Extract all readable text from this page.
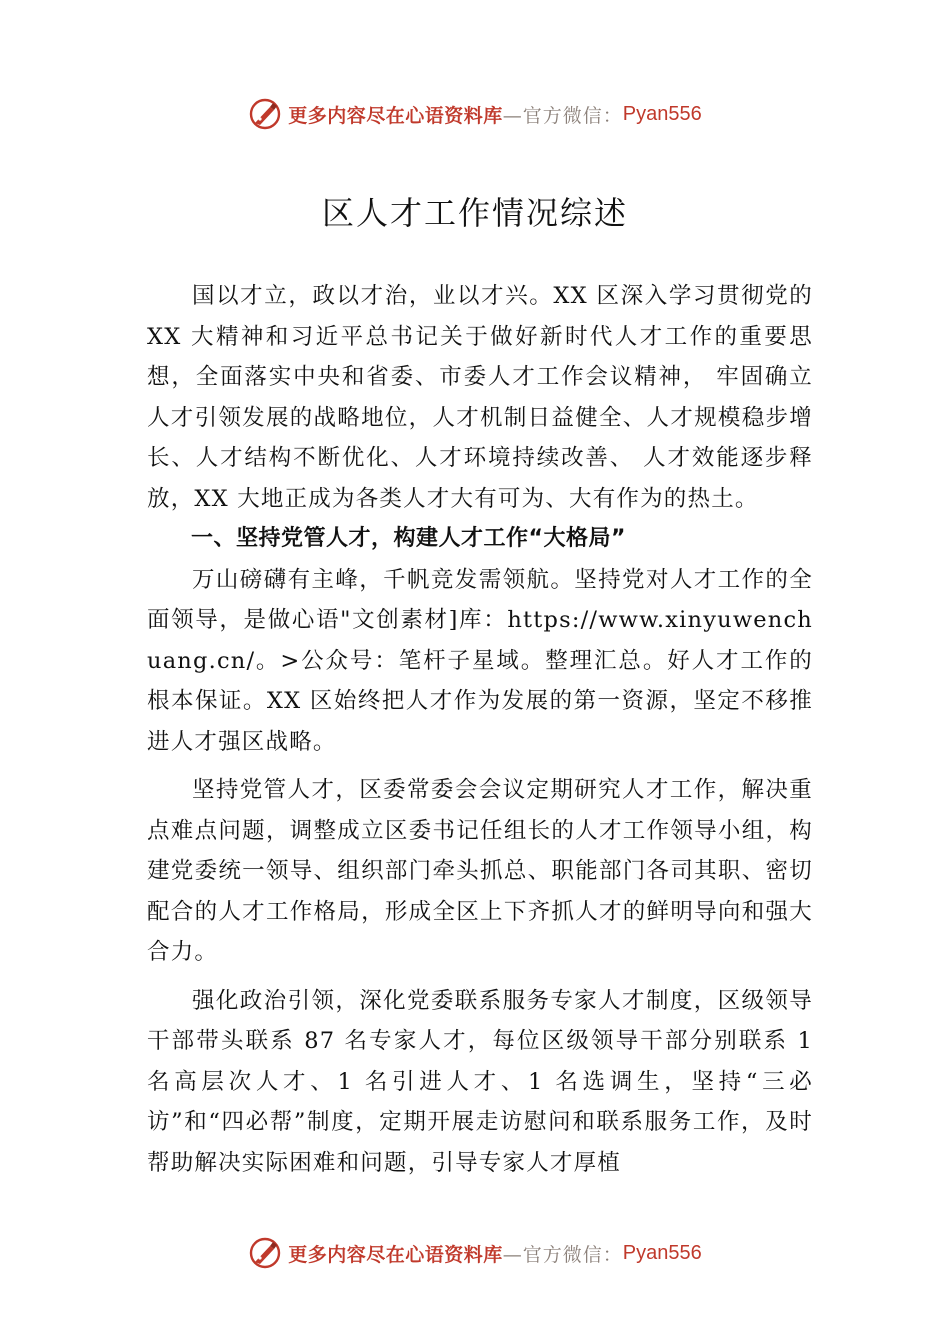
更多内容尽在心语资料库 —官方微信： Pyan556
区人才工作情况综述

国以才立，政以才治，业以才兴。XX 区深入学习贯彻党的 XX 大精神和习近平总书记关于做好新时代人才工作的重要思想，全面落实中央和省委、市委人才工作会议精神， 牢固确立人才引领发展的战略地位，人才机制日益健全、人才规模稳步增长、人才结构不断优化、人才环境持续改善、 人才效能逐步释放，XX 大地正成为各类人才大有可为、大有作为的热土。

一、坚持党管人才，构建人才工作“大格局”

万山磅礴有主峰，千帆竞发需领航。坚持党对人才工作的全面领导，是做心语"文创素材]库：https://www.xinyuwenchuang.cn/。>公众号：笔杆子星域。整理汇总。好人才工作的根本保证。XX 区始终把人才作为发展的第一资源，坚定不移推进人才强区战略。

坚持党管人才，区委常委会会议定期研究人才工作，解决重点难点问题，调整成立区委书记任组长的人才工作领导小组，构建党委统一领导、组织部门牵头抓总、职能部门各司其职、密切配合的人才工作格局，形成全区上下齐抓人才的鲜明导向和强大合力。

强化政治引领，深化党委联系服务专家人才制度，区级领导干部带头联系 87 名专家人才，每位区级领导干部分别联系 1 名高层次人才、1 名引进人才、1 名选调生，坚持“三必访”和“四必帮”制度，定期开展走访慰问和联系服务工作，及时帮助解决实际困难和问题，引导专家人才厚植

更多内容尽在心语资料库 —官方微信： Pyan556
